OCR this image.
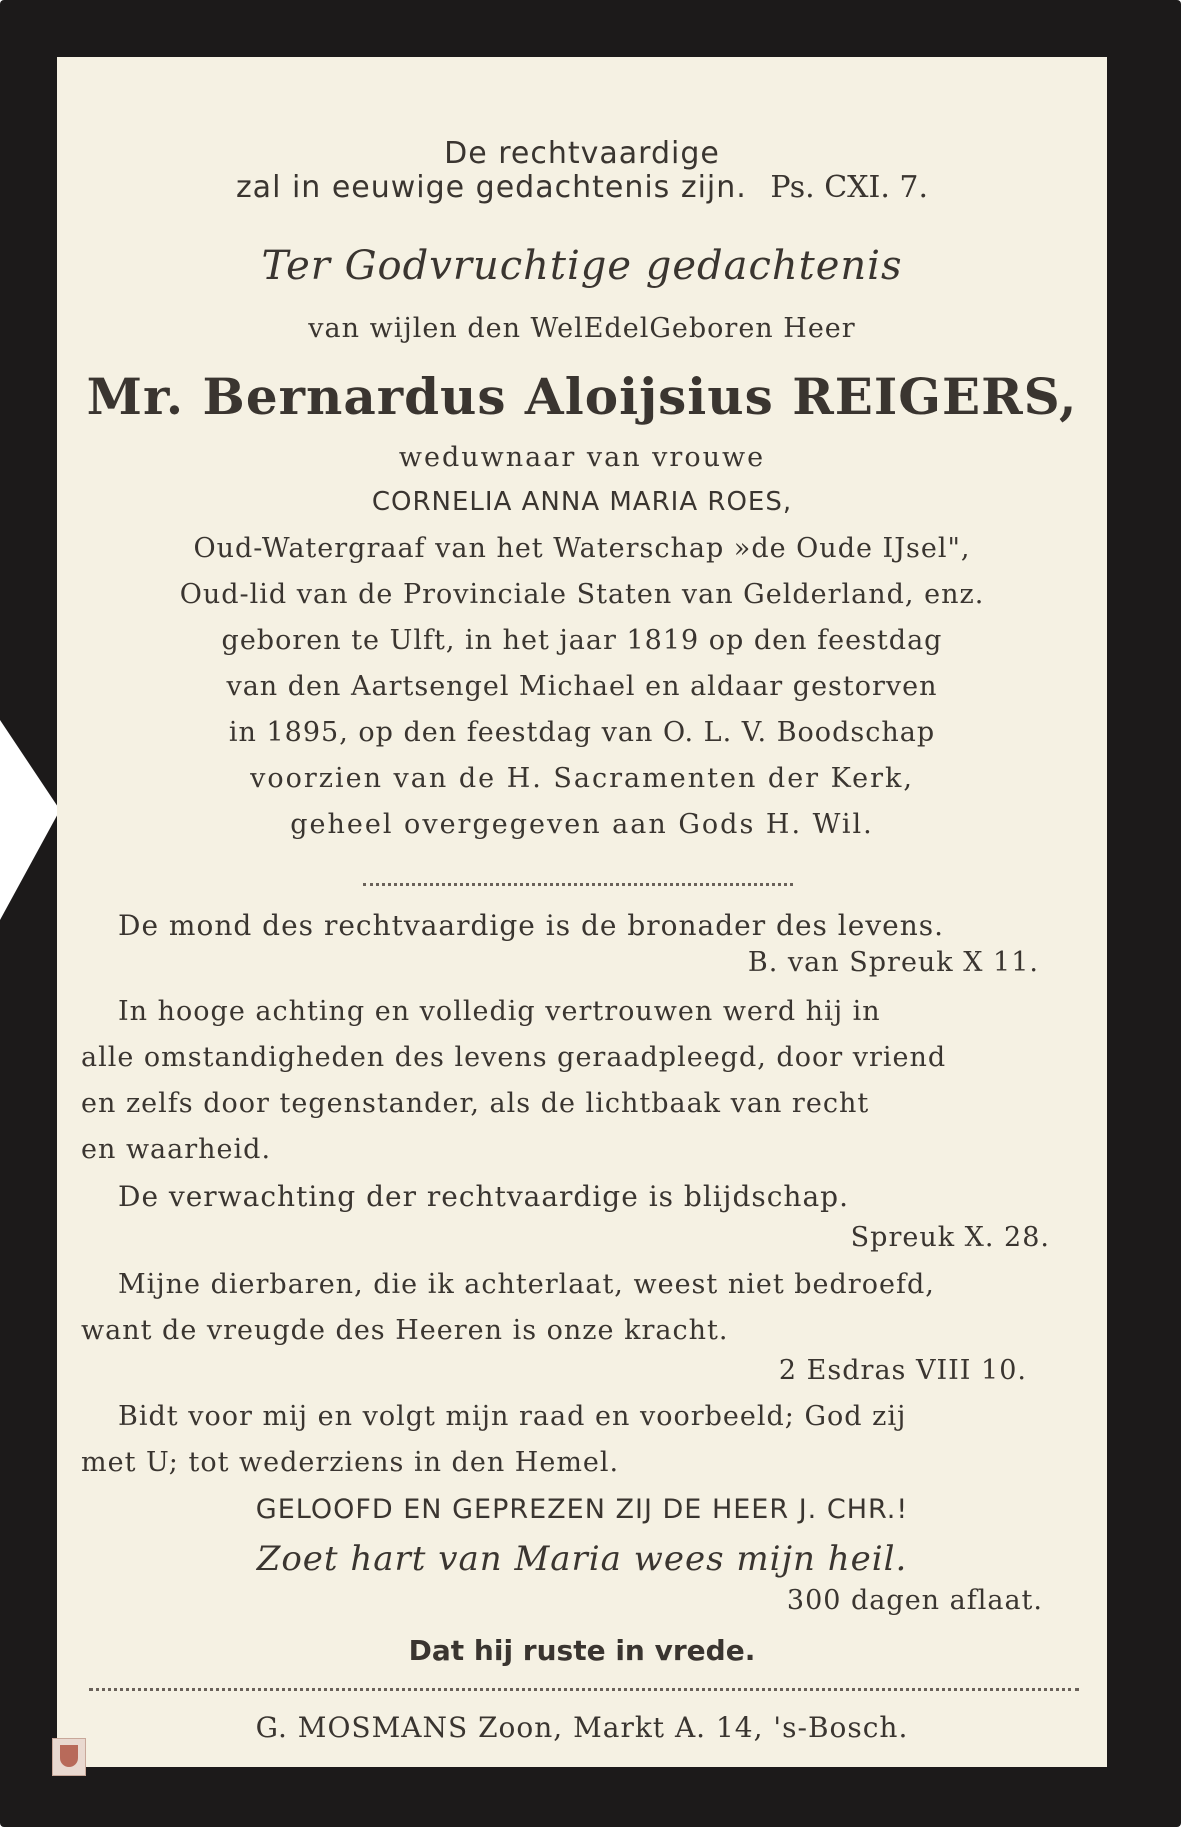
De rechtvaardige
zal in eeuwige gedachtenis zijn. Ps. CXI. 7.
Ter Godvruchtige gedachtenis
van wijlen den WelEdelGeboren Heer
Mr. Bernardus Aloijsius REIGERS,
weduwnaar van vrouwe
CORNELIA ANNA MARIA ROES,
Oud-Watergraaf van het Waterschap »de Oude IJsel",
Oud-lid van de Provinciale Staten van Gelderland, enz.
geboren te Ulft, in het jaar 1819 op den feestdag
van den Aartsengel Michael en aldaar gestorven
in 1895, op den feestdag van O. L. V. Boodschap
voorzien van de H. Sacramenten der Kerk,
geheel overgegeven aan Gods H. Wil.
De mond des rechtvaardige is de bronader des levens.
B. van Spreuk X 11.
In hooge achting en volledig vertrouwen werd hij in
alle omstandigheden des levens geraadpleegd, door vriend
en zelfs door tegenstander, als de lichtbaak van recht
en waarheid.
De verwachting der rechtvaardige is blijdschap.
Spreuk X. 28.
Mijne dierbaren, die ik achterlaat, weest niet bedroefd,
want de vreugde des Heeren is onze kracht.
2 Esdras VIII 10.
Bidt voor mij en volgt mijn raad en voorbeeld; God zij
met U; tot wederziens in den Hemel.
GELOOFD EN GEPREZEN ZIJ DE HEER J. CHR.!
Zoet hart van Maria wees mijn heil.
300 dagen aflaat.
Dat hij ruste in vrede.
G. MOSMANS Zoon, Markt A. 14, 's-Bosch.
